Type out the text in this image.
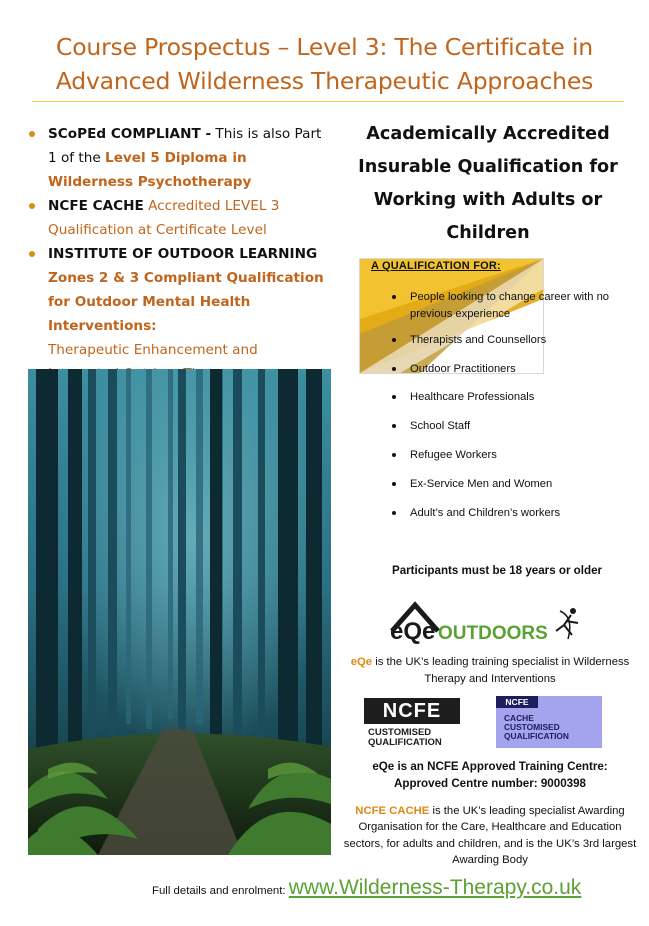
Course Prospectus – Level 3: The Certificate in
Advanced Wilderness Therapeutic Approaches
SCoPEd COMPLIANT - This is also Part 1 of the Level 5 Diploma in Wilderness Psychotherapy
NCFE CACHE Accredited LEVEL 3 Qualification at Certificate Level
INSTITUTE OF OUTDOOR LEARNING
Zones 2 & 3 Compliant Qualification for Outdoor Mental Health Interventions:
Therapeutic Enhancement and
Academically Accredited
Insurable Qualification for
Working with Adults or
Children
A QUALIFICATION FOR:
People looking to change career with no previous experience
Therapists and Counsellors
Outdoor Practitioners
Healthcare Professionals
School Staff
Refugee Workers
Ex-Service Men and Women
Adult’s and Children’s workers
Participants must be 18 years or older
eQe OUTDOORS
eQe is the UK’s leading training specialist in Wilderness Therapy and Interventions
NCFE
CUSTOMISED
QUALIFICATION
NCFE
CACHE
CUSTOMISED
QUALIFICATION
eQe is an NCFE Approved Training Centre:
Approved Centre number: 9000398
NCFE CACHE is the UK's leading specialist Awarding Organisation for the Care, Healthcare and Education sectors, for adults and children, and is the UK’s 3rd largest Awarding Body
Full details and enrolment: www.Wilderness-Therapy.co.uk
